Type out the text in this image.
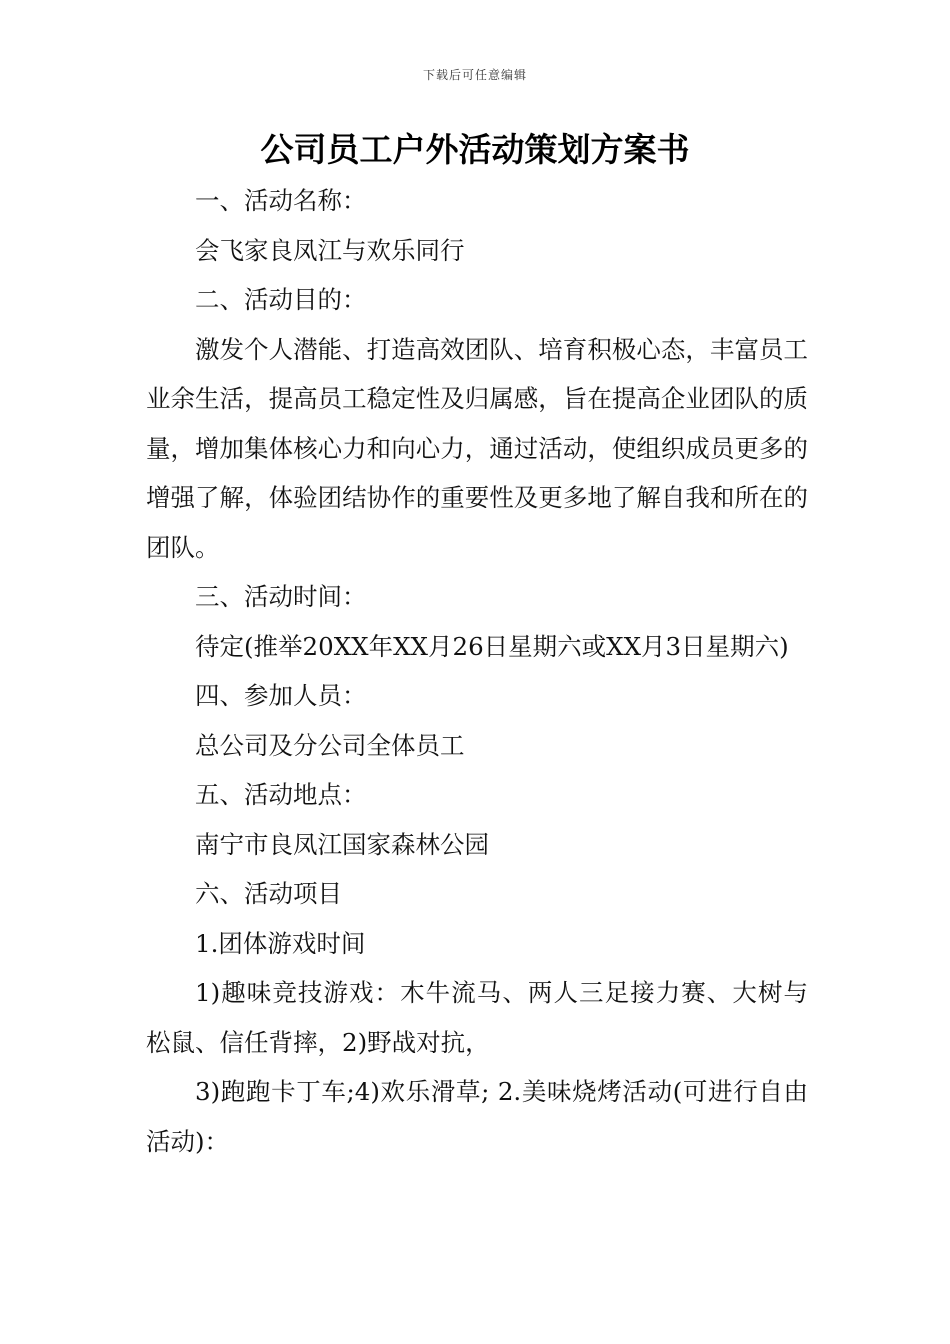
下载后可任意编辑
公司员工户外活动策划方案书

一、活动名称：

会飞家良凤江与欢乐同行

二、活动目的：

激发个人潜能、打造高效团队、培育积极心态，丰富员工业余生活，提高员工稳定性及归属感，旨在提高企业团队的质量，增加集体核心力和向心力，通过活动，使组织成员更多的增强了解，体验团结协作的重要性及更多地了解自我和所在的团队。

三、活动时间：

待定(推举20XX年XX月26日星期六或XX月3日星期六)

四、参加人员：

总公司及分公司全体员工

五、活动地点：

南宁市良凤江国家森林公园

六、活动项目

1.团体游戏时间

1)趣味竞技游戏：木牛流马、两人三足接力赛、大树与松鼠、信任背摔，2)野战对抗，

3)跑跑卡丁车;4)欢乐滑草; 2.美味烧烤活动(可进行自由活动)：
